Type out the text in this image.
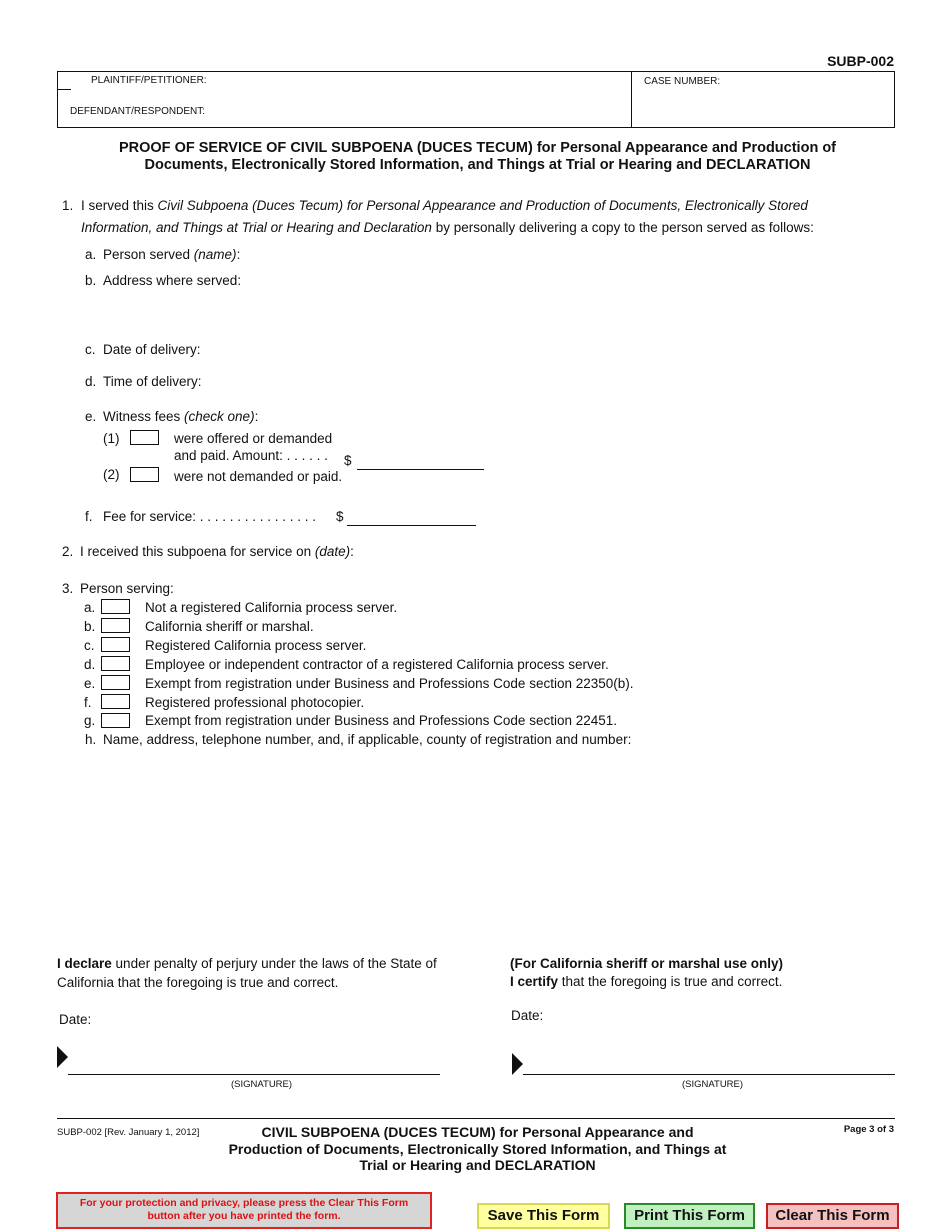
SUBP-002
PLAINTIFF/PETITIONER:
DEFENDANT/RESPONDENT:
CASE NUMBER:
PROOF OF SERVICE OF CIVIL SUBPOENA (DUCES TECUM) for Personal Appearance and Production of
Documents, Electronically Stored Information, and Things at Trial or Hearing and DECLARATION
1. I served this Civil Subpoena (Duces Tecum) for Personal Appearance and Production of Documents, Electronically Stored
Information, and Things at Trial or Hearing and Declaration by personally delivering a copy to the person served as follows:
a. Person served (name):
b. Address where served:
c. Date of delivery:
d. Time of delivery:
e. Witness fees (check one):
(1)	were offered or demanded
and paid. Amount: . . . . . . $
(2)	were not demanded or paid.
f. Fee for service: . . . . . . . . . . . . . . . . $
2. I received this subpoena for service on (date):
3. Person serving:
a.	Not a registered California process server.
b.	California sheriff or marshal.
c.	Registered California process server.
d.	Employee or independent contractor of a registered California process server.
e.	Exempt from registration under Business and Professions Code section 22350(b).
f.	Registered professional photocopier.
g.	Exempt from registration under Business and Professions Code section 22451.
h. Name, address, telephone number, and, if applicable, county of registration and number:
I declare under penalty of perjury under the laws of the State of
California that the foregoing is true and correct.
Date:
(SIGNATURE)
(For California sheriff or marshal use only)
I certify that the foregoing is true and correct.
Date:
(SIGNATURE)
SUBP-002 [Rev. January 1, 2012]	CIVIL SUBPOENA (DUCES TECUM) for Personal Appearance and
Production of Documents, Electronically Stored Information, and Things at
Trial or Hearing and DECLARATION
Page 3 of 3
For your protection and privacy, please press the Clear This Form
button after you have printed the form.	Save This Form	Print This Form	Clear This Form
